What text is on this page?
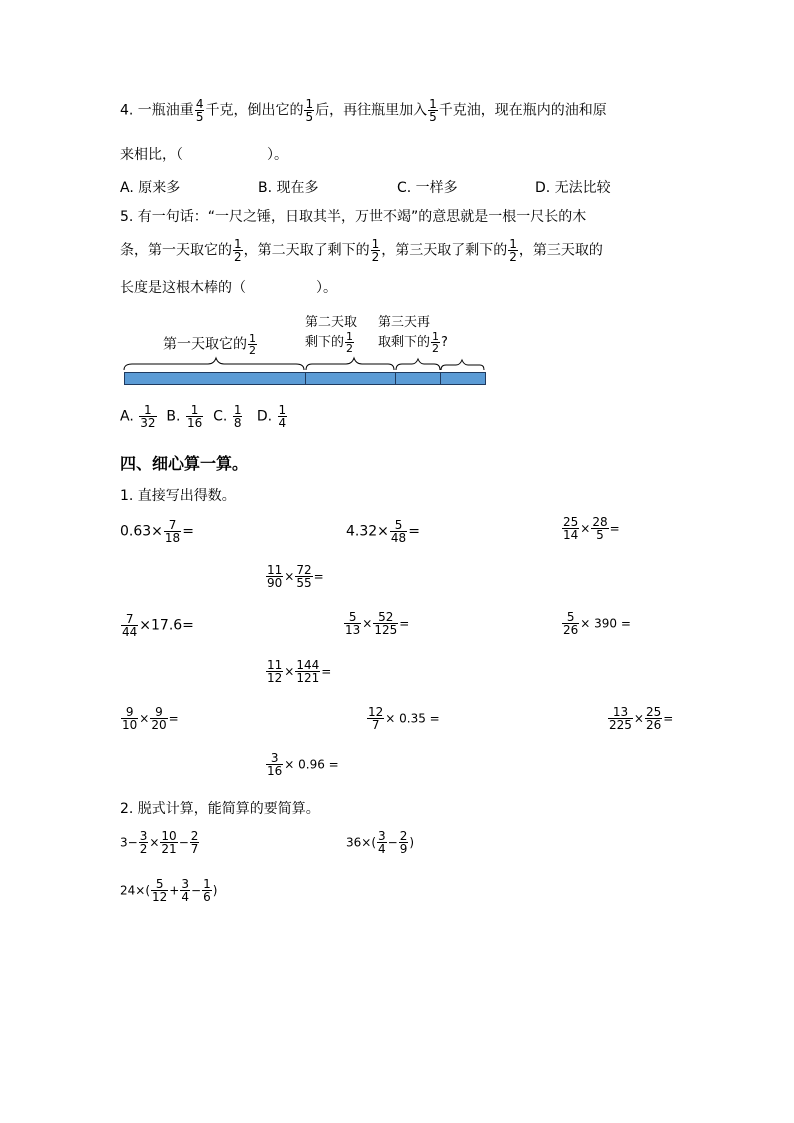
4. 一瓶油重 $\frac{4}{5}$ 千克，倒出它的 $\frac{1}{5}$ 后，再往瓶里加入 $\frac{1}{5}$ 千克油，现在瓶内的油和原
来相比，（　　　　　　）。
A. 原来多	B. 现在多	C. 一样多	D. 无法比较
5. 有一句话：“一尺之锤，日取其半，万世不竭”的意思就是一根一尺长的木
条，第一天取它的 $\frac{1}{2}$ ，第二天取了剩下的 $\frac{1}{2}$ ，第三天取了剩下的 $\frac{1}{2}$ ，第三天取的
长度是这根木棒的（　　　　　）。
第一天取它的 $\frac{1}{2}$
第二天取
剩下的 $\frac{1}{2}$
第三天再
取剩下的 $\frac{1}{2}$ ?
A. $\frac{1}{32} B$. $\frac{1}{16} C$. $\frac{1}{8} D$. $\frac{1}{4}$
四、细心算一算。
1. 直接写出得数。
$0.63\times \frac{7}{18}$ =	$4.32\times \frac{5}{48}$ =	$\frac{25}{14} \times \frac{28}{5}$ =
$\frac{11}{90} \times \frac{72}{55}$ =
$\frac{7}{44} \times 17.6=$	$\frac{5}{13} \times \frac{52}{125}$ =	$\frac{5}{26} \times 390$ =
$\frac{11}{12} \times \frac{144}{121}$ =
$\frac{9}{10} \times \frac{9}{20}$ =	$\frac{12}{7} \times 0.35$ =	$\frac{13}{225} \times \frac{25}{26}$ =
$\frac{3}{16} \times 0.96$ =
2. 脱式计算，能简算的要简算。
$3- \frac{3}{2} \times \frac{10}{21} - \frac{2}{7}$	$36\times( \frac{3}{4} - \frac{2}{9}$ )
$24\times( \frac{5}{12} + \frac{3}{4} - \frac{1}{6}$ )
